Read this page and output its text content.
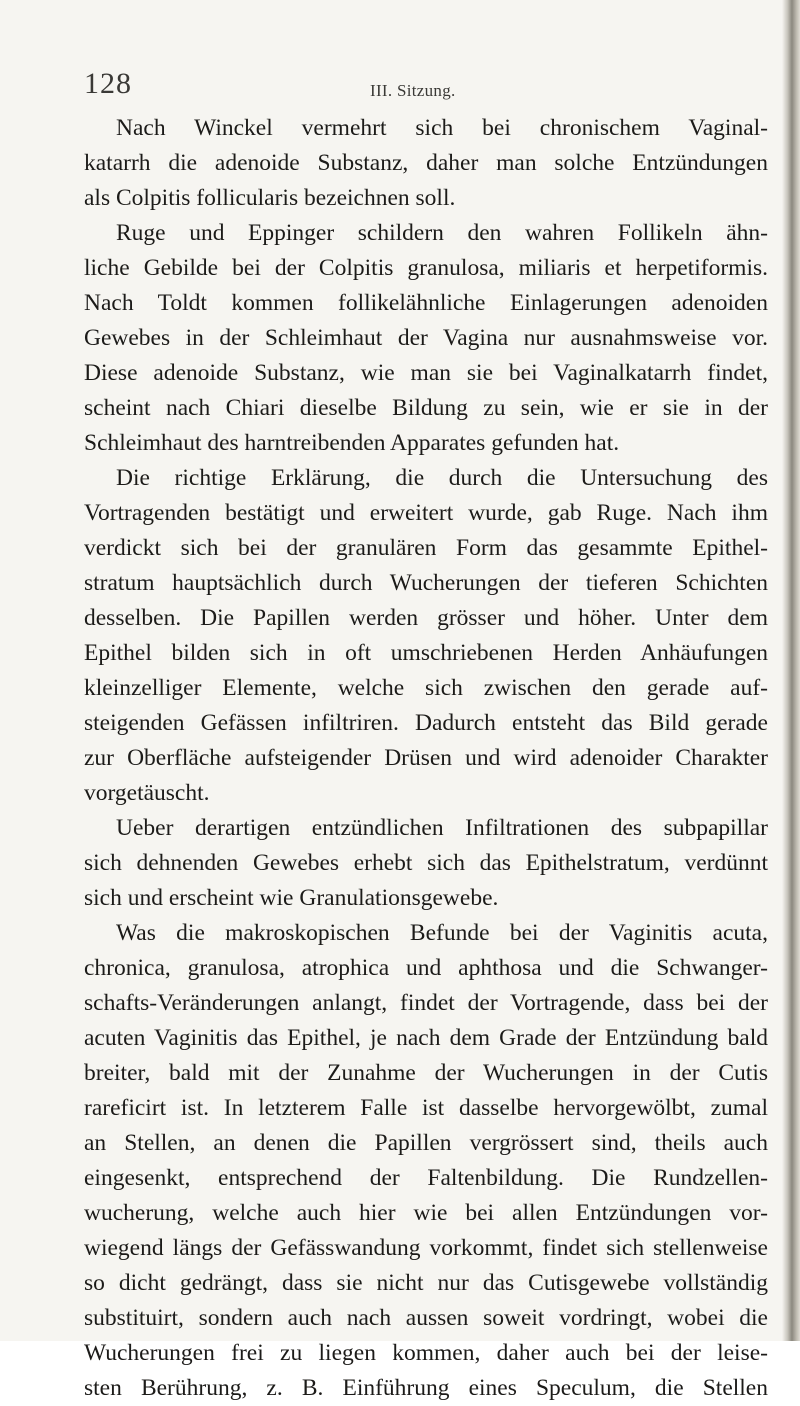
128	III. Sitzung.
Nach Winckel vermehrt sich bei chronischem Vaginal-
katarrh die adenoide Substanz, daher man solche Entzündungen
als Colpitis follicularis bezeichnen soll.
Ruge und Eppinger schildern den wahren Follikeln ähn-
liche Gebilde bei der Colpitis granulosa, miliaris et herpetiformis.
Nach Toldt kommen follikelähnliche Einlagerungen adenoiden
Gewebes in der Schleimhaut der Vagina nur ausnahmsweise vor.
Diese adenoide Substanz, wie man sie bei Vaginalkatarrh findet,
scheint nach Chiari dieselbe Bildung zu sein, wie er sie in der
Schleimhaut des harntreibenden Apparates gefunden hat.
Die richtige Erklärung, die durch die Untersuchung des
Vortragenden bestätigt und erweitert wurde, gab Ruge. Nach ihm
verdickt sich bei der granulären Form das gesammte Epithel-
stratum hauptsächlich durch Wucherungen der tieferen Schichten
desselben. Die Papillen werden grösser und höher. Unter dem
Epithel bilden sich in oft umschriebenen Herden Anhäufungen
kleinzelliger Elemente, welche sich zwischen den gerade auf-
steigenden Gefässen infiltriren. Dadurch entsteht das Bild gerade
zur Oberfläche aufsteigender Drüsen und wird adenoider Charakter
vorgetäuscht.
Ueber derartigen entzündlichen Infiltrationen des subpapillar
sich dehnenden Gewebes erhebt sich das Epithelstratum, verdünnt
sich und erscheint wie Granulationsgewebe.
Was die makroskopischen Befunde bei der Vaginitis acuta,
chronica, granulosa, atrophica und aphthosa und die Schwanger-
schafts-Veränderungen anlangt, findet der Vortragende, dass bei der
acuten Vaginitis das Epithel, je nach dem Grade der Entzündung bald
breiter, bald mit der Zunahme der Wucherungen in der Cutis
rareficirt ist. In letzterem Falle ist dasselbe hervorgewölbt, zumal
an Stellen, an denen die Papillen vergrössert sind, theils auch
eingesenkt, entsprechend der Faltenbildung. Die Rundzellen-
wucherung, welche auch hier wie bei allen Entzündungen vor-
wiegend längs der Gefässwandung vorkommt, findet sich stellenweise
so dicht gedrängt, dass sie nicht nur das Cutisgewebe vollständig
substituirt, sondern auch nach aussen soweit vordringt, wobei die
Wucherungen frei zu liegen kommen, daher auch bei der leise-
sten Berührung, z. B. Einführung eines Speculum, die Stellen
